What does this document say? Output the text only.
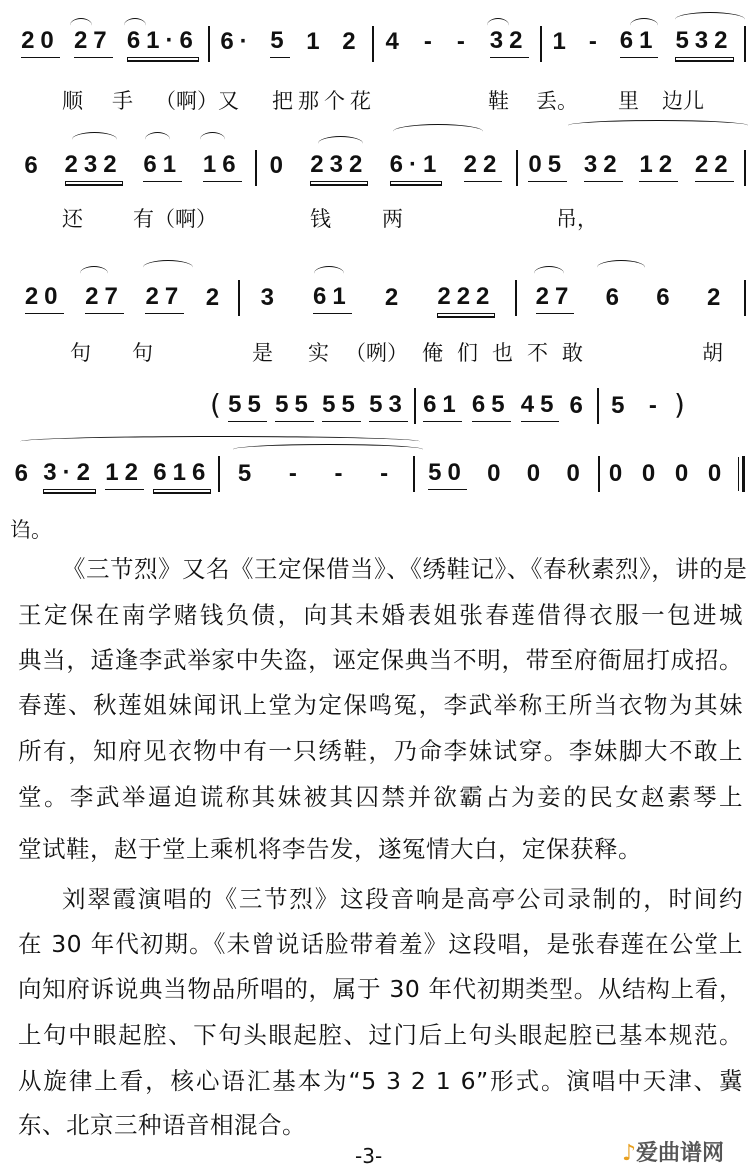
20 27 61·6 6· 5 1 2 4 - - 32 1 - 61 532
顺 手 （啊）又 把那个花	鞋 丢。 里 边儿
6 232 61 16 0 232 6·1 22 05 32 12 22
还 有（啊）	钱 两	吊，
20 27 27 2 3 61 2 222 27 6 6 2
句 句	是 实 （咧） 俺们也不敢	胡
( 55 55 55 53 61 65 45 6 5 - )
6 3·2 12 616 5 - - - 50 0 0 0 0 0 0 0
诌。
《三节烈》又名《王定保借当》、《绣鞋记》、《春秋素烈》，讲的是
王定保在南学赌钱负债，向其未婚表姐张春莲借得衣服一包进城
典当，适逢李武举家中失盗，诬定保典当不明，带至府衙屈打成招。
春莲、秋莲姐妹闻讯上堂为定保鸣冤，李武举称王所当衣物为其妹
所有，知府见衣物中有一只绣鞋，乃命李妹试穿。李妹脚大不敢上
堂。李武举逼迫谎称其妹被其囚禁并欲霸占为妾的民女赵素琴上
堂试鞋，赵于堂上乘机将李告发，遂冤情大白，定保获释。
刘翠霞演唱的《三节烈》这段音响是高亭公司录制的，时间约
在 30 年代初期。《未曾说话脸带着羞》这段唱，是张春莲在公堂上
向知府诉说典当物品所唱的，属于 30 年代初期类型。从结构上看，
上句中眼起腔、下句头眼起腔、过门后上句头眼起腔已基本规范。
从旋律上看，核心语汇基本为“5 3 2 1 6”形式。演唱中天津、冀
东、北京三种语音相混合。
-3-	♪爱曲谱网
